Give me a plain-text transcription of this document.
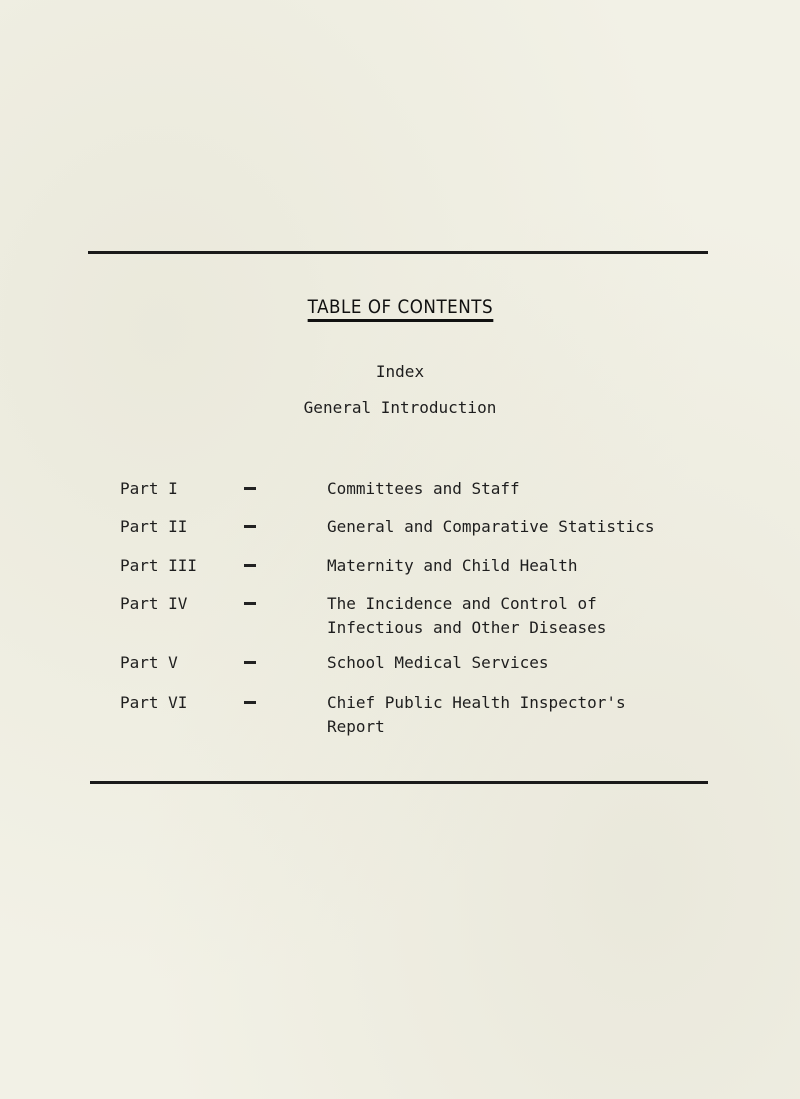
TABLE OF CONTENTS
Index
General Introduction
Part I	Committees and Staff
Part II	General and Comparative Statistics
Part III	Maternity and Child Health
Part IV	The Incidence and Control of
Infectious and Other Diseases
Part V	School Medical Services
Part VI	Chief Public Health Inspector's
Report
